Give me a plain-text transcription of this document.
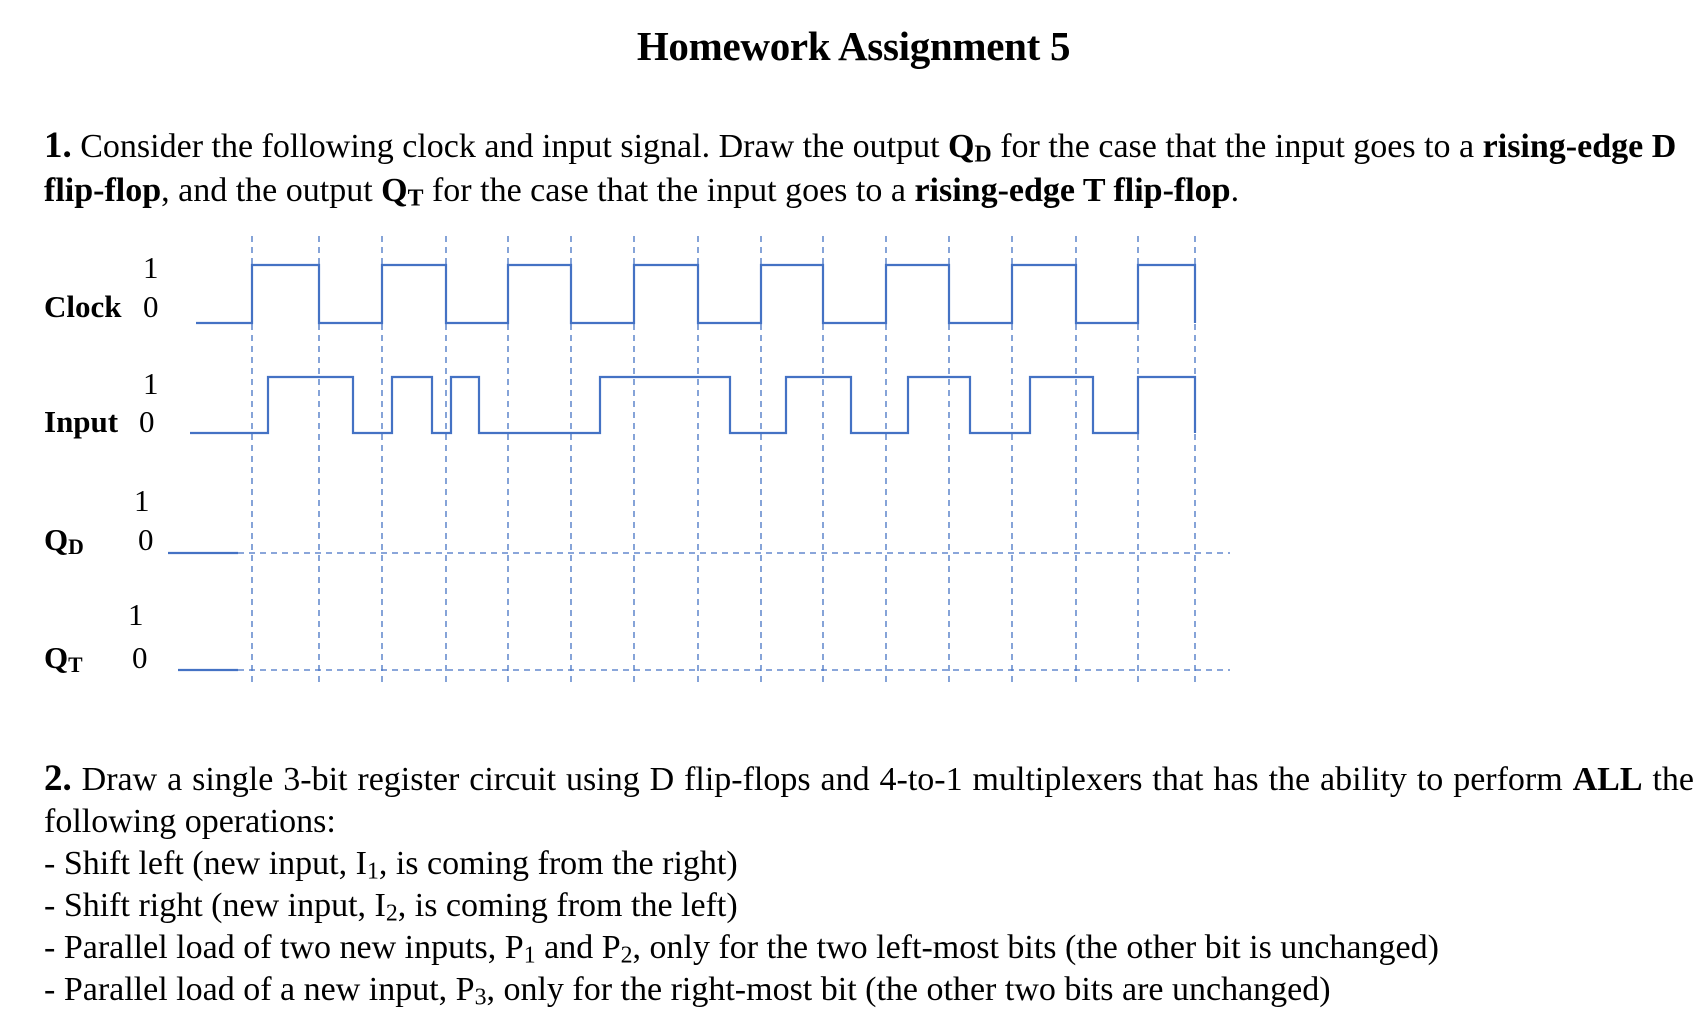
Homework Assignment 5
1. Consider the following clock and input signal. Draw the output $Q_D$ for the case that the input goes to a rising-edge D flip-flop, and the output $Q_T$ for the case that the input goes to a rising-edge T flip-flop.
1
Clock 0
1
Input 0
1
$Q_D$ 0
1
$Q_T$ 0
2. Draw a single 3-bit register circuit using D flip-flops and 4-to-1 multiplexers that has the ability to perform ALL the following operations:
- Shift left (new input, $I_1$, is coming from the right)
- Shift right (new input, $I_2$, is coming from the left)
- Parallel load of two new inputs, $P_1$ and $P_2$, only for the two left-most bits (the other bit is unchanged)
- Parallel load of a new input, $P_3$, only for the right-most bit (the other two bits are unchanged)
